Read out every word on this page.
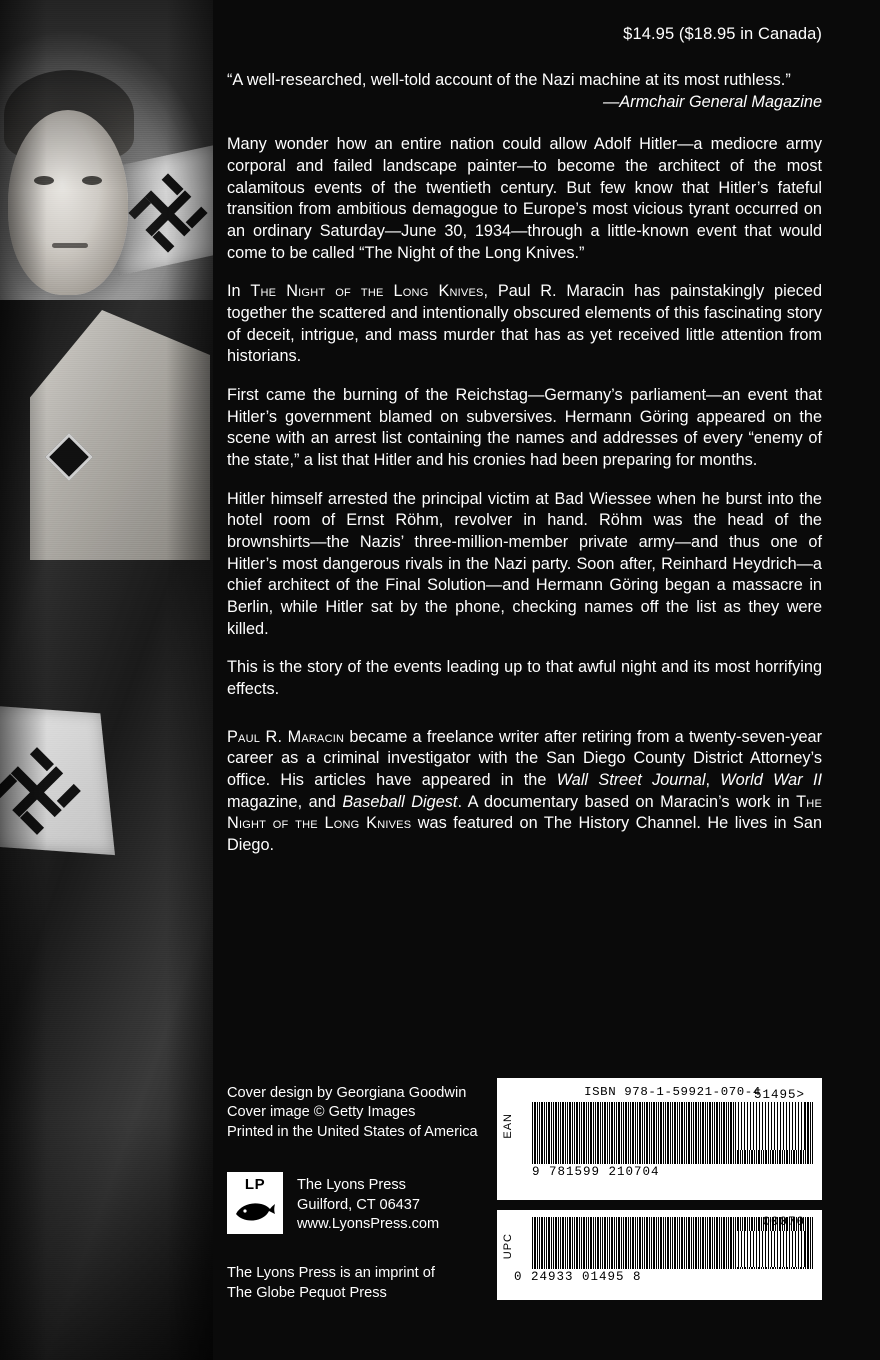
$14.95 ($18.95 in Canada)

“A well-researched, well-told account of the Nazi machine at its most ruthless.”
—Armchair General Magazine

Many wonder how an entire nation could allow Adolf Hitler—a mediocre army corporal and failed landscape painter—to become the architect of the most calamitous events of the twentieth century. But few know that Hitler’s fateful transition from ambitious demagogue to Europe’s most vicious tyrant occurred on an ordinary Saturday—June 30, 1934—through a little-known event that would come to be called “The Night of the Long Knives.”

In The Night of the Long Knives, Paul R. Maracin has painstakingly pieced together the scattered and intentionally obscured elements of this fascinating story of deceit, intrigue, and mass murder that has as yet received little attention from historians.

First came the burning of the Reichstag—Germany’s parliament—an event that Hitler’s government blamed on subversives. Hermann Göring appeared on the scene with an arrest list containing the names and addresses of every “enemy of the state,” a list that Hitler and his cronies had been preparing for months.

Hitler himself arrested the principal victim at Bad Wiessee when he burst into the hotel room of Ernst Röhm, revolver in hand. Röhm was the head of the brownshirts—the Nazis’ three-million-member private army—and thus one of Hitler’s most dangerous rivals in the Nazi party. Soon after, Reinhard Heydrich—a chief architect of the Final Solution—and Hermann Göring began a massacre in Berlin, while Hitler sat by the phone, checking names off the list as they were killed.

This is the story of the events leading up to that awful night and its most horrifying effects.

Paul R. Maracin became a freelance writer after retiring from a twenty-seven-year career as a criminal investigator with the San Diego County District Attorney’s office. His articles have appeared in the Wall Street Journal, World War II magazine, and Baseball Digest. A documentary based on Maracin’s work in The Night of the Long Knives was featured on The History Channel. He lives in San Diego.

Cover design by Georgiana Goodwin
Cover image © Getty Images
Printed in the United States of America
LP	The Lyons Press
Guilford, CT 06437
www.LyonsPress.com
The Lyons Press is an imprint of
The Globe Pequot Press
EAN
ISBN 978-1-59921-070-4
51495>
9 781599 210704
UPC
00070
0 24933 01495 8
